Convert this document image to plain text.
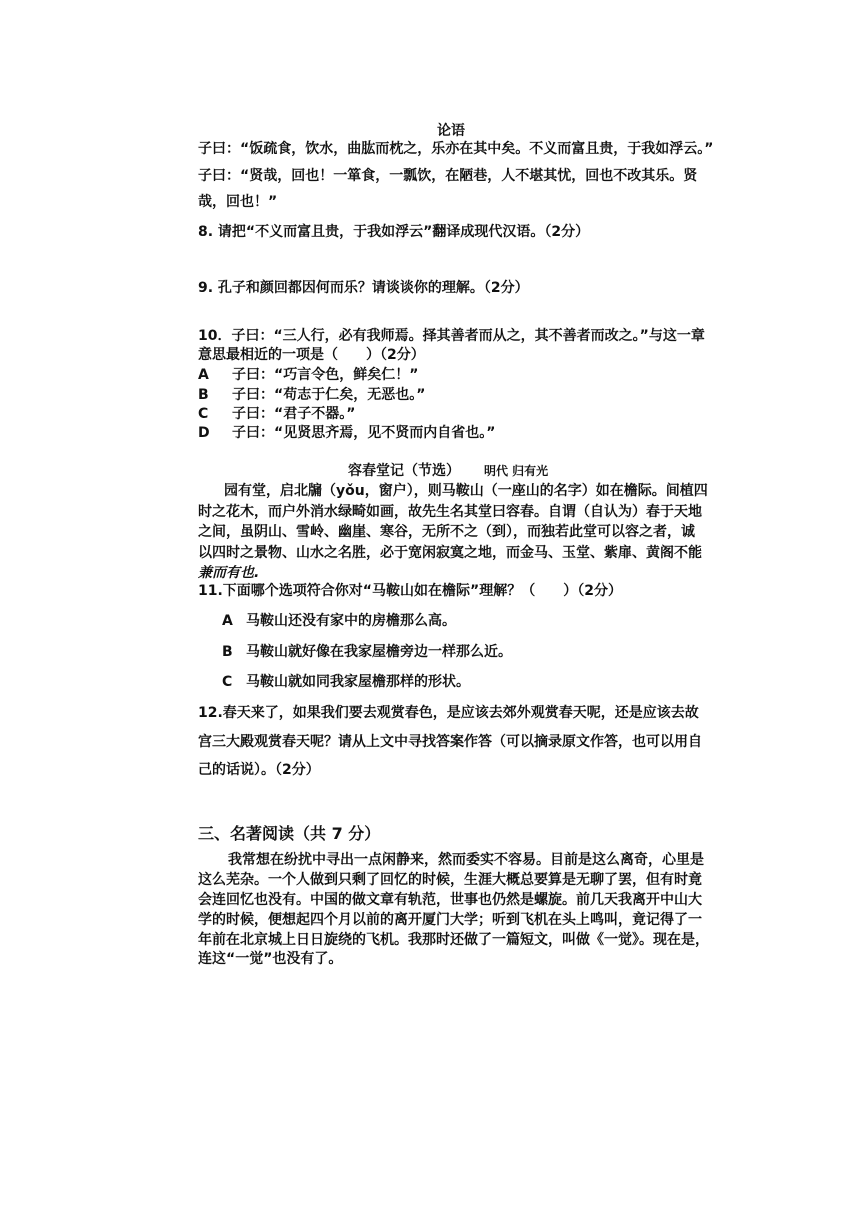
论语
子曰：“饭疏食，饮水，曲肱而枕之，乐亦在其中矣。不义而富且贵，于我如浮云。”
子曰：“贤哉，回也！一箪食，一瓢饮，在陋巷，人不堪其忧，回也不改其乐。贤
哉，回也！”
8. 请把“不义而富且贵，于我如浮云”翻译成现代汉语。（2分）
9. 孔子和颜回都因何而乐？请谈谈你的理解。（2分）
10．子曰：“三人行，必有我师焉。择其善者而从之，其不善者而改之。”与这一章
意思最相近的一项是（　　）（2分）
A 子曰：“巧言令色，鲜矣仁！”
B 子曰：“苟志于仁矣，无恶也。”
C 子曰：“君子不器。”
D 子曰：“见贤思齐焉，见不贤而内自省也。”
容春堂记（节选） 明代 归有光
园有堂，启北牖（yǒu，窗户），则马鞍山（一座山的名字）如在檐际。间植四
时之花木，而户外消水绿畸如画，故先生名其堂曰容春。自谓（自认为）春于天地
之间，虽阴山、雪岭、幽崖、寒谷，无所不之（到），而独若此堂可以容之者，诚
以四时之景物、山水之名胜，必于宽闲寂寞之地，而金马、玉堂、紫扉、黄阁不能
兼而有也.
11.下面哪个选项符合你对“马鞍山如在檐际”理解？（　　）（2分）
A 马鞍山还没有家中的房檐那么高。
B 马鞍山就好像在我家屋檐旁边一样那么近。
C 马鞍山就如同我家屋檐那样的形状。
12.春天来了，如果我们要去观赏春色，是应该去郊外观赏春天呢，还是应该去故
宫三大殿观赏春天呢？请从上文中寻找答案作答（可以摘录原文作答，也可以用自
己的话说）。（2分）
三、名著阅读（共 7 分）
我常想在纷扰中寻出一点闲静来，然而委实不容易。目前是这么离奇，心里是
这么芜杂。一个人做到只剩了回忆的时候，生涯大概总要算是无聊了罢，但有时竟
会连回忆也没有。中国的做文章有轨范，世事也仍然是螺旋。前几天我离开中山大
学的时候，便想起四个月以前的离开厦门大学；听到飞机在头上鸣叫，竟记得了一
年前在北京城上日日旋绕的飞机。我那时还做了一篇短文，叫做《一觉》。现在是，
连这“一觉”也没有了。
